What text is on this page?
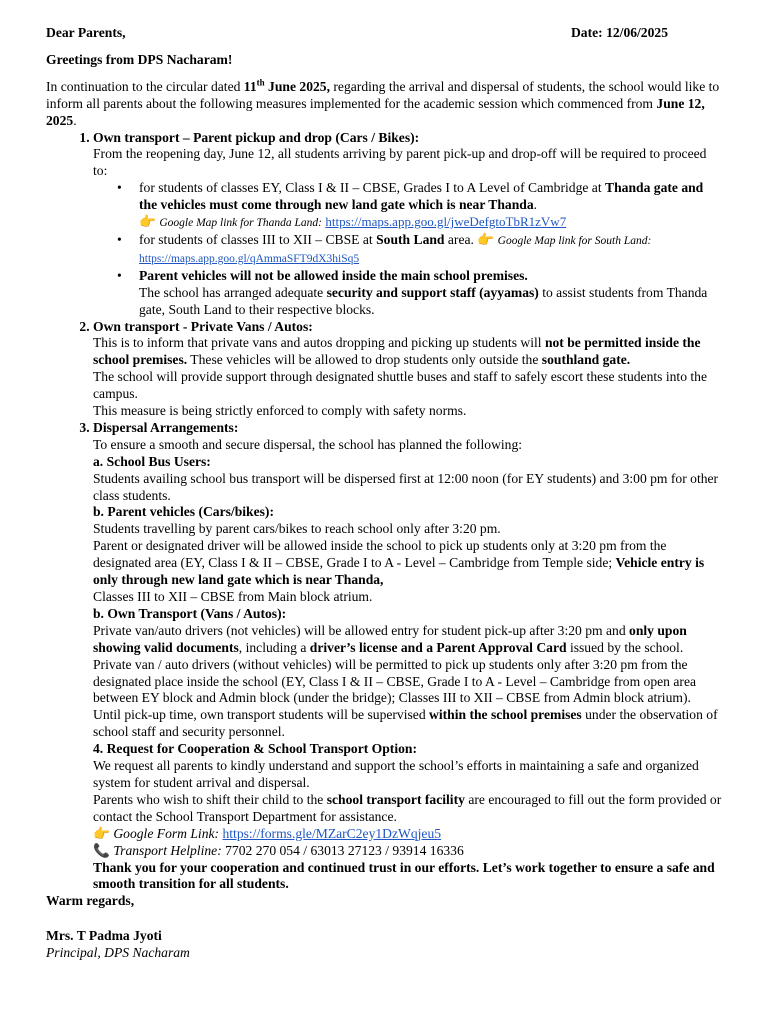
Dear Parents,	Date: 12/06/2025

Greetings from DPS Nacharam!

In continuation to the circular dated 11th June 2025, regarding the arrival and dispersal of students, the school would like to inform all parents about the following measures implemented for the academic session which commenced from June 12, 2025.

1. Own transport – Parent pickup and drop (Cars / Bikes):
From the reopening day, June 12, all students arriving by parent pick-up and drop-off will be required to proceed to:
• for students of classes EY, Class I & II – CBSE, Grades I to A Level of Cambridge at Thanda gate and the vehicles must come through new land gate which is near Thanda.
👉 Google Map link for Thanda Land: https://maps.app.goo.gl/jweDefgtoTbR1zVw7
• for students of classes III to XII – CBSE at South Land area. 👉 Google Map link for South Land:
https://maps.app.goo.gl/qAmmaSFT9dX3hiSq5
• Parent vehicles will not be allowed inside the main school premises.
The school has arranged adequate security and support staff (ayyamas) to assist students from Thanda gate, South Land to their respective blocks.
2. Own transport - Private Vans / Autos:
This is to inform that private vans and autos dropping and picking up students will not be permitted inside the school premises. These vehicles will be allowed to drop students only outside the southland gate.
The school will provide support through designated shuttle buses and staff to safely escort these students into the campus.
This measure is being strictly enforced to comply with safety norms.
3. Dispersal Arrangements:
To ensure a smooth and secure dispersal, the school has planned the following:
a. School Bus Users:
Students availing school bus transport will be dispersed first at 12:00 noon (for EY students) and 3:00 pm for other class students.
b. Parent vehicles (Cars/bikes):
Students travelling by parent cars/bikes to reach school only after 3:20 pm.
Parent or designated driver will be allowed inside the school to pick up students only at 3:20 pm from the designated area (EY, Class I & II – CBSE, Grade I to A - Level – Cambridge from Temple side; Vehicle entry is only through new land gate which is near Thanda,
Classes III to XII – CBSE from Main block atrium.
b. Own Transport (Vans / Autos):
Private van/auto drivers (not vehicles) will be allowed entry for student pick-up after 3:20 pm and only upon showing valid documents, including a driver’s license and a Parent Approval Card issued by the school.
Private van / auto drivers (without vehicles) will be permitted to pick up students only after 3:20 pm from the designated place inside the school (EY, Class I & II – CBSE, Grade I to A - Level – Cambridge from open area between EY block and Admin block (under the bridge); Classes III to XII – CBSE from Admin block atrium).
Until pick-up time, own transport students will be supervised within the school premises under the observation of school staff and security personnel.
4. Request for Cooperation & School Transport Option:
We request all parents to kindly understand and support the school’s efforts in maintaining a safe and organized system for student arrival and dispersal.
Parents who wish to shift their child to the school transport facility are encouraged to fill out the form provided or contact the School Transport Department for assistance.
👉 Google Form Link: https://forms.gle/MZarC2ey1DzWqjeu5
📞 Transport Helpline: 7702 270 054 / 63013 27123 / 93914 16336
Thank you for your cooperation and continued trust in our efforts. Let’s work together to ensure a safe and smooth transition for all students.

Warm regards,

Mrs. T Padma Jyoti

Principal, DPS Nacharam
